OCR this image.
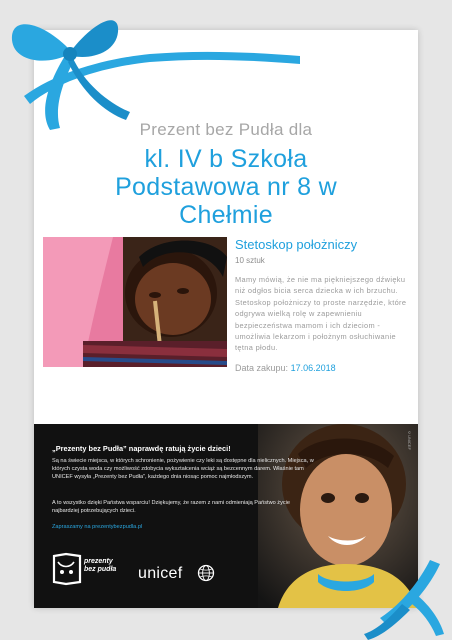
Prezent bez Pudła dla
kl. IV b Szkoła
Podstawowa nr 8 w
Chełmie
Stetoskop położniczy
10 sztuk
Mamy mówią, że nie ma piękniejszego dźwięku niż odgłos bicia serca dziecka w ich brzuchu. Stetoskop położniczy to proste narzędzie, które odgrywa wielką rolę w zapewnieniu bezpieczeństwa mamom i ich dzieciom - umożliwia lekarzom i położnym osłuchiwanie tętna płodu.
Data zakupu: 17.06.2018
©UNICEF
„Prezenty bez Pudła” naprawdę ratują życie dzieci!
Są na świecie miejsca, w których schronienie, pożywienie czy leki są dostępne dla nielicznych. Miejsca, w których czysta woda czy możliwość zdobycia wykształcenia wciąż są bezcennym darem. Właśnie tam UNICEF wysyła „Prezenty bez Pudła”, każdego dnia niosąc pomoc najmłodszym.
A to wszystko dzięki Państwa wsparciu! Dziękujemy, że razem z nami odmieniają Państwo życie najbardziej potrzebujących dzieci.
Zapraszamy na prezentybezpudla.pl
prezenty
bez pudła unicef
